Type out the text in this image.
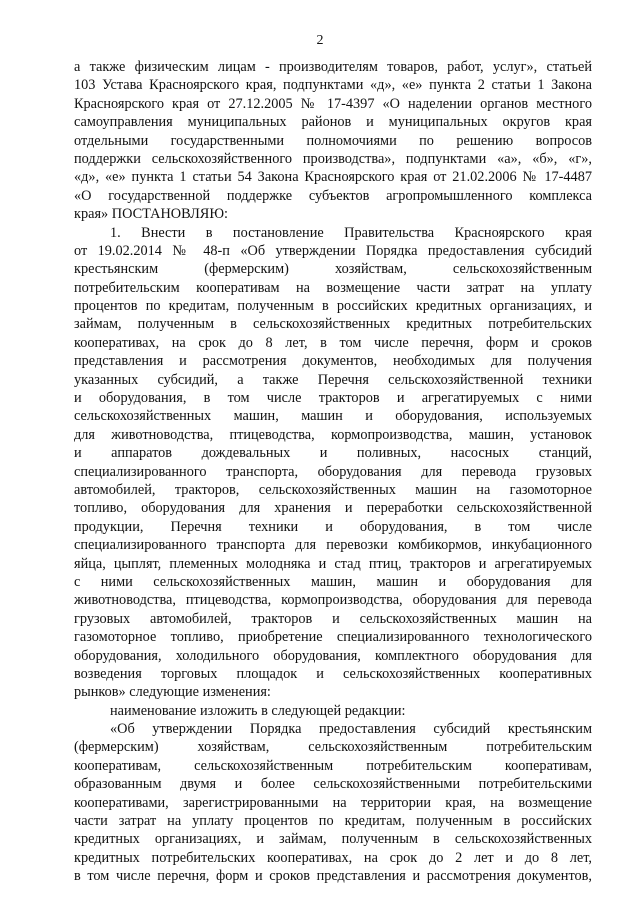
2
а также физическим лицам - производителям товаров, работ, услуг», статьей
103 Устава Красноярского края, подпунктами «д», «е» пункта 2 статьи 1 Закона
Красноярского края от 27.12.2005 № 17-4397 «О наделении органов местного
самоуправления муниципальных районов и муниципальных округов края
отдельными государственными полномочиями по решению вопросов
поддержки сельскохозяйственного производства», подпунктами «а», «б», «г»,
«д», «е» пункта 1 статьи 54 Закона Красноярского края от 21.02.2006 № 17-4487
«О государственной поддержке субъектов агропромышленного комплекса
края» ПОСТАНОВЛЯЮ:
1. Внести в постановление Правительства Красноярского края
от 19.02.2014 № 48-п «Об утверждении Порядка предоставления субсидий
крестьянским (фермерским) хозяйствам, сельскохозяйственным
потребительским кооперативам на возмещение части затрат на уплату
процентов по кредитам, полученным в российских кредитных организациях, и
займам, полученным в сельскохозяйственных кредитных потребительских
кооперативах, на срок до 8 лет, в том числе перечня, форм и сроков
представления и рассмотрения документов, необходимых для получения
указанных субсидий, а также Перечня сельскохозяйственной техники
и оборудования, в том числе тракторов и агрегатируемых с ними
сельскохозяйственных машин, машин и оборудования, используемых
для животноводства, птицеводства, кормопроизводства, машин, установок
и аппаратов дождевальных и поливных, насосных станций,
специализированного транспорта, оборудования для перевода грузовых
автомобилей, тракторов, сельскохозяйственных машин на газомоторное
топливо, оборудования для хранения и переработки сельскохозяйственной
продукции, Перечня техники и оборудования, в том числе
специализированного транспорта для перевозки комбикормов, инкубационного
яйца, цыплят, племенных молодняка и стад птиц, тракторов и агрегатируемых
с ними сельскохозяйственных машин, машин и оборудования для
животноводства, птицеводства, кормопроизводства, оборудования для перевода
грузовых автомобилей, тракторов и сельскохозяйственных машин на
газомоторное топливо, приобретение специализированного технологического
оборудования, холодильного оборудования, комплектного оборудования для
возведения торговых площадок и сельскохозяйственных кооперативных
рынков» следующие изменения:
наименование изложить в следующей редакции:
«Об утверждении Порядка предоставления субсидий крестьянским
(фермерским) хозяйствам, сельскохозяйственным потребительским
кооперативам, сельскохозяйственным потребительским кооперативам,
образованным двумя и более сельскохозяйственными потребительскими
кооперативами, зарегистрированными на территории края, на возмещение
части затрат на уплату процентов по кредитам, полученным в российских
кредитных организациях, и займам, полученным в сельскохозяйственных
кредитных потребительских кооперативах, на срок до 2 лет и до 8 лет,
в том числе перечня, форм и сроков представления и рассмотрения документов,
